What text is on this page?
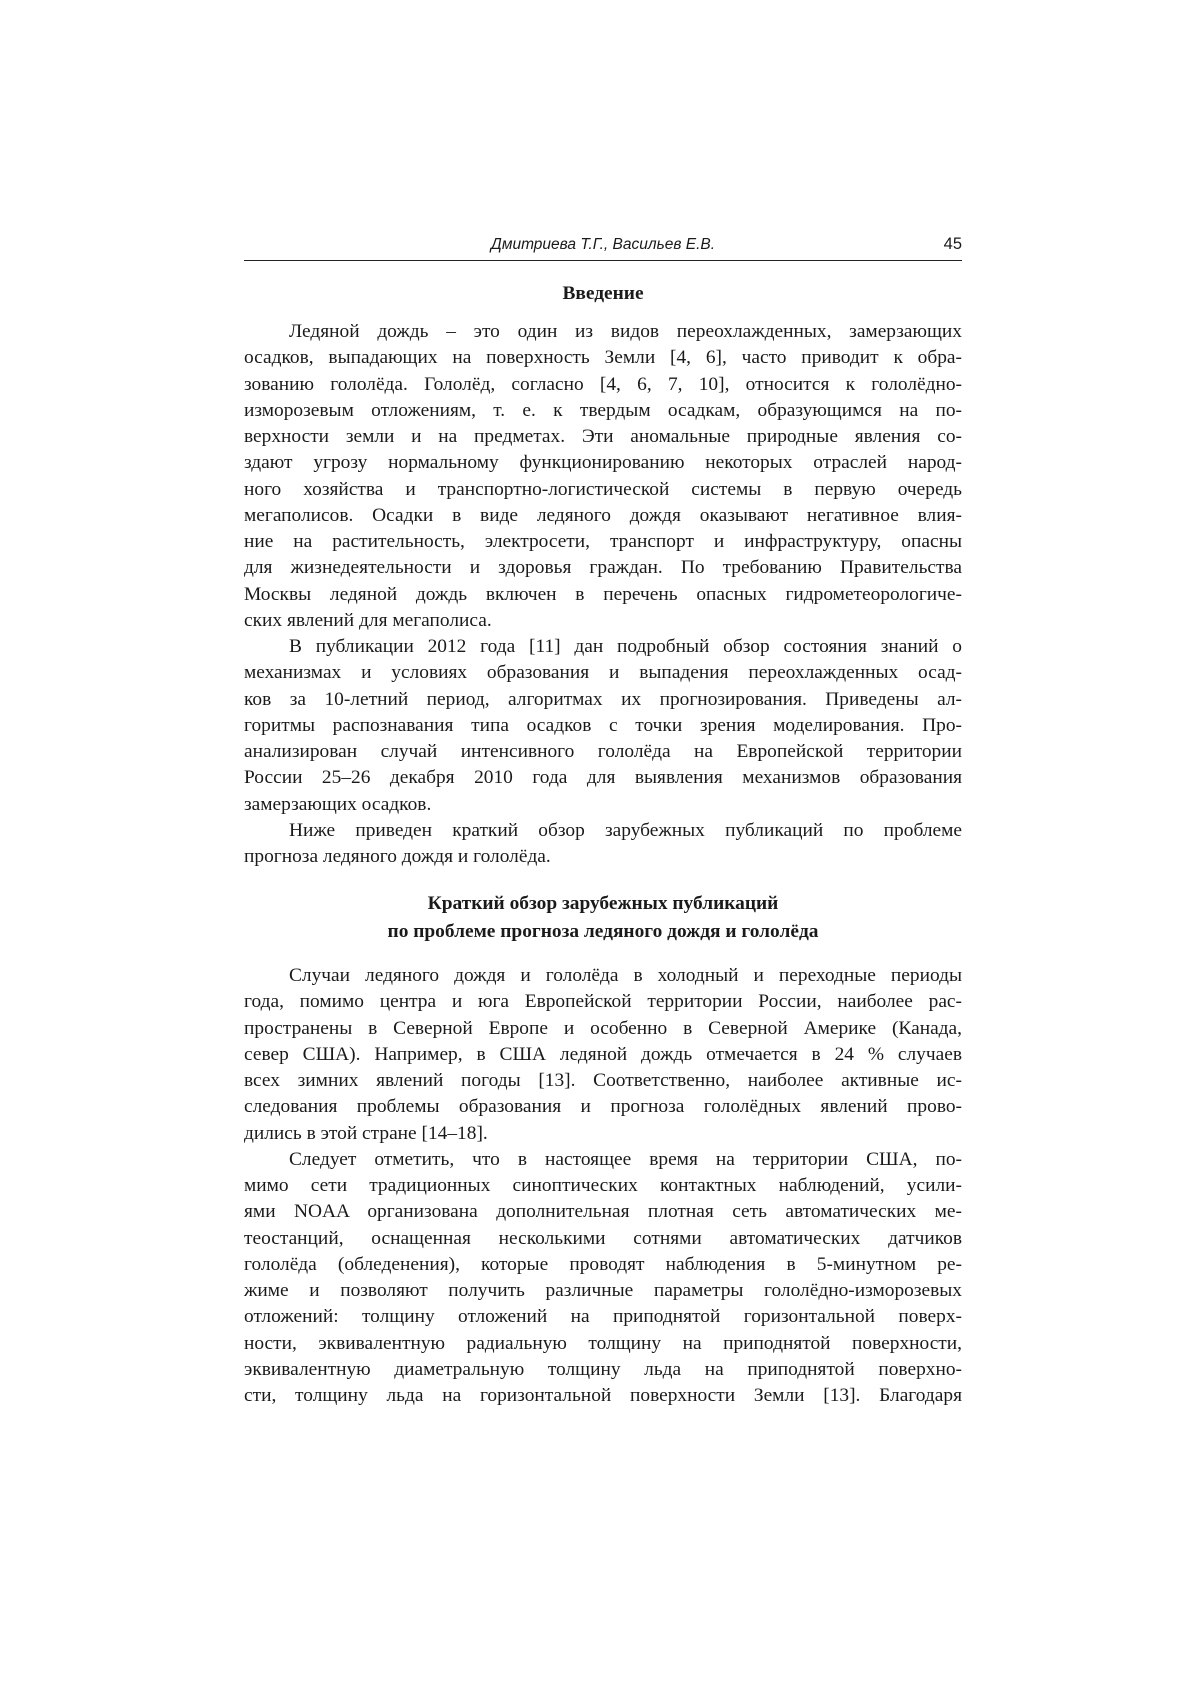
Дмитриева Т.Г., Васильев Е.В.	45
Введение
Ледяной дождь – это один из видов переохлажденных, замерзающих
осадков, выпадающих на поверхность Земли [4, 6], часто приводит к обра-
зованию гололёда. Гололёд, согласно [4, 6, 7, 10], относится к гололёдно-
изморозевым отложениям, т. е. к твердым осадкам, образующимся на по-
верхности земли и на предметах. Эти аномальные природные явления со-
здают угрозу нормальному функционированию некоторых отраслей народ-
ного хозяйства и транспортно-логистической системы в первую очередь
мегаполисов. Осадки в виде ледяного дождя оказывают негативное влия-
ние на растительность, электросети, транспорт и инфраструктуру, опасны
для жизнедеятельности и здоровья граждан. По требованию Правительства
Москвы ледяной дождь включен в перечень опасных гидрометеорологиче-
ских явлений для мегаполиса.
В публикации 2012 года [11] дан подробный обзор состояния знаний о
механизмах и условиях образования и выпадения переохлажденных осад-
ков за 10-летний период, алгоритмах их прогнозирования. Приведены ал-
горитмы распознавания типа осадков с точки зрения моделирования. Про-
анализирован случай интенсивного гололёда на Европейской территории
России 25–26 декабря 2010 года для выявления механизмов образования
замерзающих осадков.
Ниже приведен краткий обзор зарубежных публикаций по проблеме
прогноза ледяного дождя и гололёда.
Краткий обзор зарубежных публикаций
по проблеме прогноза ледяного дождя и гололёда
Случаи ледяного дождя и гололёда в холодный и переходные периоды
года, помимо центра и юга Европейской территории России, наиболее рас-
пространены в Северной Европе и особенно в Северной Америке (Канада,
север США). Например, в США ледяной дождь отмечается в 24 % случаев
всех зимних явлений погоды [13]. Соответственно, наиболее активные ис-
следования проблемы образования и прогноза гололёдных явлений прово-
дились в этой стране [14–18].
Следует отметить, что в настоящее время на территории США, по-
мимо сети традиционных синоптических контактных наблюдений, усили-
ями NOAA организована дополнительная плотная сеть автоматических ме-
теостанций, оснащенная несколькими сотнями автоматических датчиков
гололёда (обледенения), которые проводят наблюдения в 5-минутном ре-
жиме и позволяют получить различные параметры гололёдно-изморозевых
отложений: толщину отложений на приподнятой горизонтальной поверх-
ности, эквивалентную радиальную толщину на приподнятой поверхности,
эквивалентную диаметральную толщину льда на приподнятой поверхно-
сти, толщину льда на горизонтальной поверхности Земли [13]. Благодаря
